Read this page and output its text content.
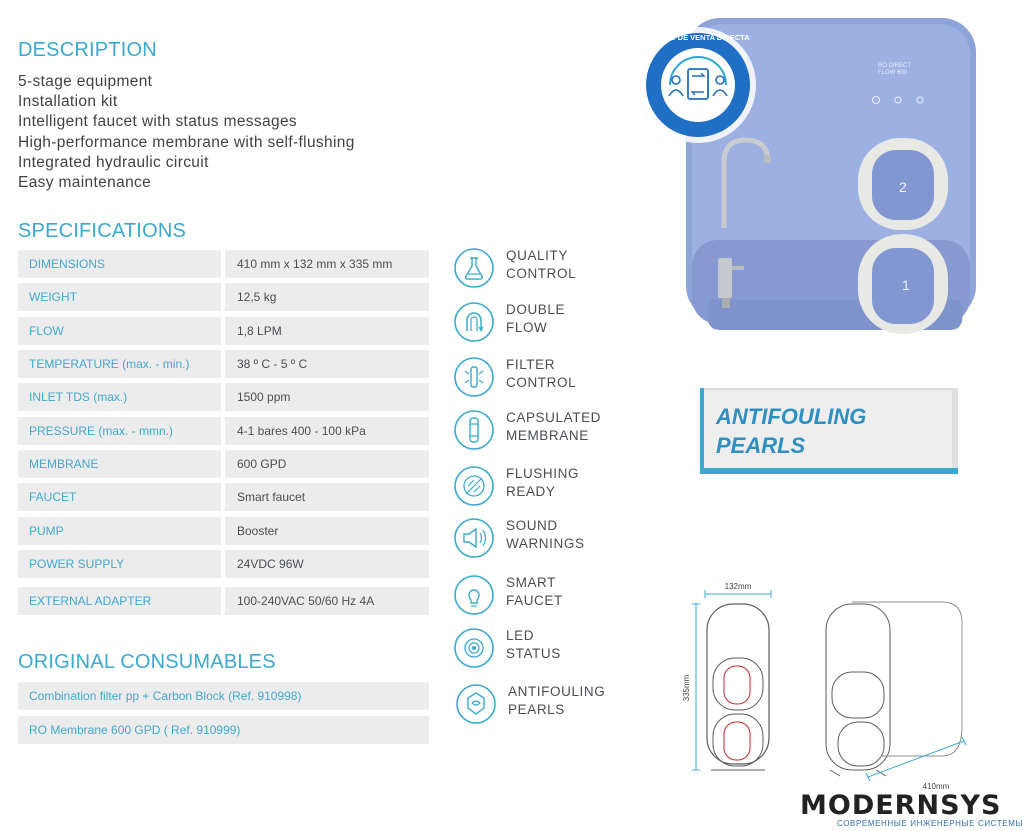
DESCRIPTION
5-stage equipment
Installation kit
Intelligent faucet with status messages
High-performance membrane with self-flushing
Integrated hydraulic circuit
Easy maintenance
SPECIFICATIONS
DIMENSIONS	410 mm x 132 mm x 335 mm
WEIGHT	12,5 kg
FLOW	1,8 LPM
TEMPERATURE (max. - min.)	38 º C - 5 º C
INLET TDS (max.)	1500 ppm
PRESSURE (max. - mmn.)	4-1 bares 400 - 100 kPa
MEMBRANE	600 GPD
FAUCET	Smart faucet
PUMP	Booster
POWER SUPPLY	24VDC 96W
EXTERNAL ADAPTER	100-240VAC 50/60 Hz 4A
ORIGINAL CONSUMABLES
Combination filter pp + Carbon Block (Ref. 910998)
RO Membrane 600 GPD ( Ref. 910999)
QUALITY
CONTROL
DOUBLE
FLOW
FILTER
CONTROL
CAPSULATED
MEMBRANE
FLUSHING
READY
SOUND
WARNINGS
SMART
FAUCET
LED
STATUS
ANTIFOULING
PEARLS
RO DIRECT
FLOW 600
2
1
EQUIPO DE VENTA DIRECTA
ANTIFOULING
PEARLS
132mm
335mm
410mm
MODERNSYS
СОВРЕМЕННЫЕ ИНЖЕНЕРНЫЕ СИСТЕМЫ
